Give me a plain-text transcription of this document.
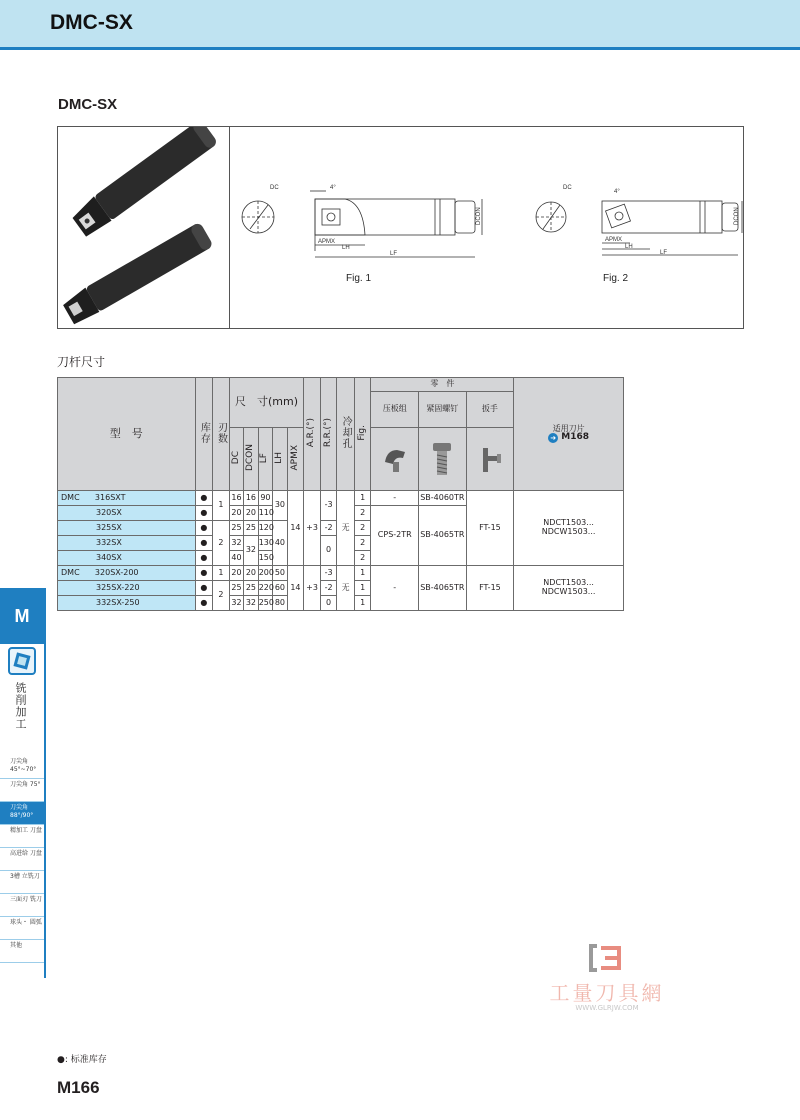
DMC-SX
DMC-SX
DC	4°
APMX
LH
LF
DCON
DC
4°
APMX
LH
LF
DCON
Fig. 1	Fig. 2
刀杆尺寸
型　号	库存	刃数	尺　寸(mm)					A.R.(°)	R.R.(°)	冷却孔	Fig.	零　件			适用刀片
➜ M168

												压板组	紧固螺钉	扳手	
			DC	DCON	LF	LH	APMX	

DMC 316SXT	●	1	16	16	90	30	14	+3	-3	无	1	-	SB-4060TR	FT-15	NDCT1503...
NDCW1503...
320SX	●		20	20	110						2	CPS-2TR	SB-4065TR		
325SX	●	2	25	25	120	40			-2		2				
332SX	●		32	32	130				0		2				
340SX	●		40		150						2				
DMC 320SX-200	●	1	20	20	200	50	14	+3	-3	无	1	-	SB-4065TR	FT-15	NDCT1503...
NDCW1503...
325SX-220	●	2	25	25	220	60			-2		1				
332SX-250	●		32	32	250	80			0		1				
M
铣削加工
刀尖角 45°~70°
刀尖角 75°
刀尖角 88°/90°
精加工 刀盘
高进给 刀盘
3槽 立铣刀
三面刃 铣刀
球头・ 圆弧
其他
工量刀具網
WWW.GLRJW.COM
●: 标准库存
M166
